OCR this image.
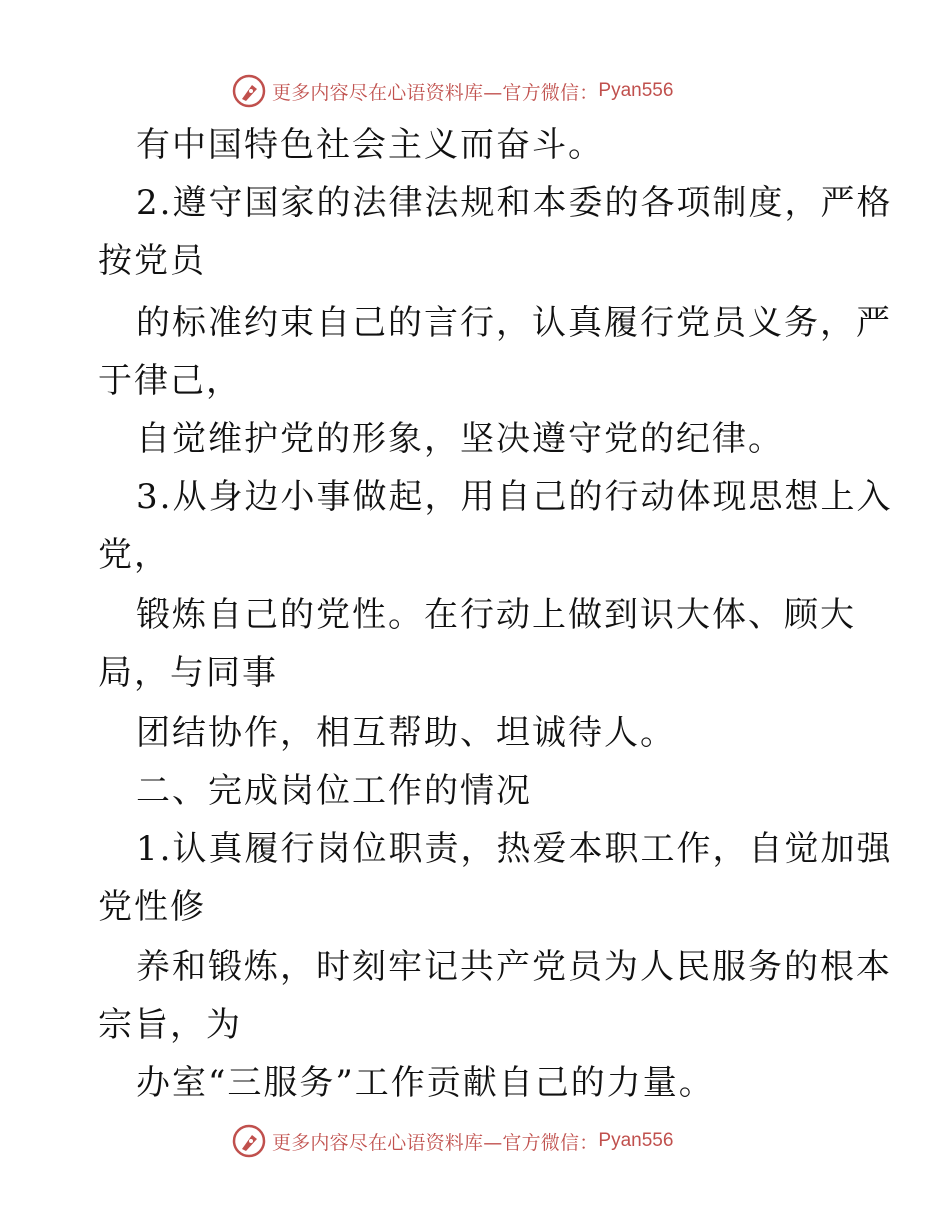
更多内容尽在心语资料库—官方微信： Pyan556
有中国特色社会主义而奋斗。
2.遵守国家的法律法规和本委的各项制度，严格
按党员
的标准约束自己的言行，认真履行党员义务，严
于律己，
自觉维护党的形象，坚决遵守党的纪律。
3.从身边小事做起，用自己的行动体现思想上入
党，
锻炼自己的党性。在行动上做到识大体、顾大
局，与同事
团结协作，相互帮助、坦诚待人。
二、完成岗位工作的情况
1.认真履行岗位职责，热爱本职工作，自觉加强
党性修
养和锻炼，时刻牢记共产党员为人民服务的根本
宗旨，为
办室“三服务”工作贡献自己的力量。
更多内容尽在心语资料库—官方微信： Pyan556
